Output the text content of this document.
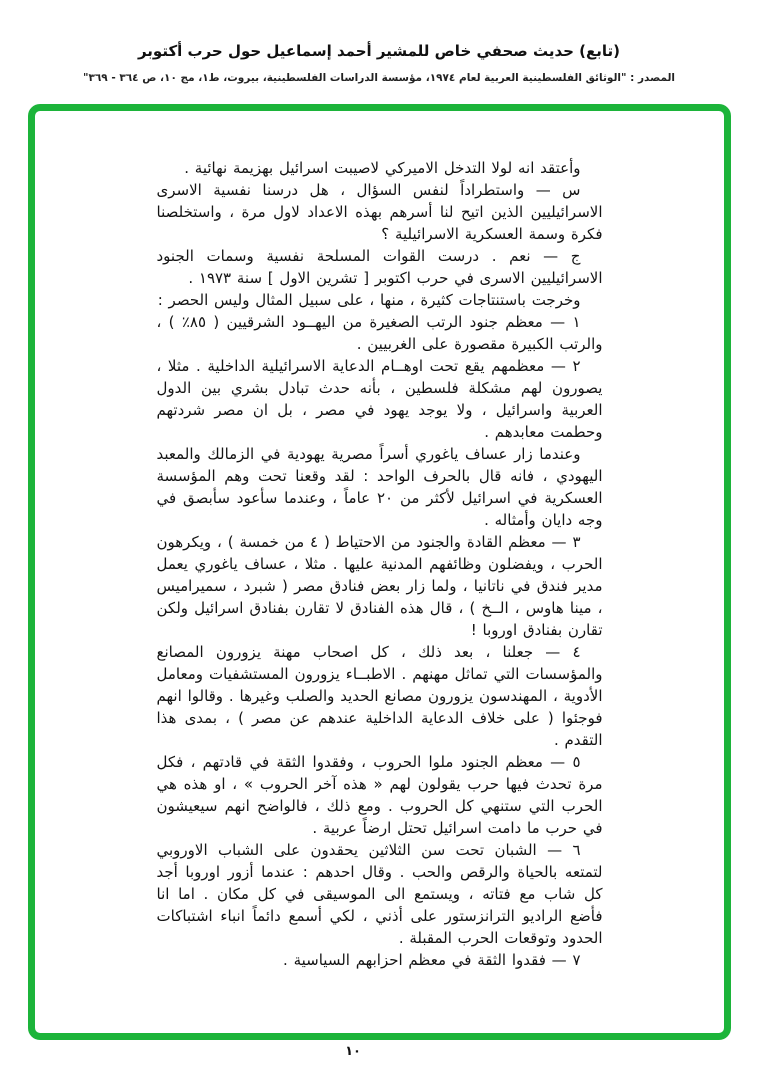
(تابع) حديث صحفي خاص للمشير أحمد إسماعيل حول حرب أكتوبر
المصدر : "الوثائق الفلسطينية العربية لعام ١٩٧٤، مؤسسة الدراسات الفلسطينية، بيروت، ط١، مج ١٠، ص ٣٦٤ - ٣٦٩"

وأعتقد انه لولا التدخل الاميركي لاصيبت اسرائيل بهزيمة نهائية .

س — واستطراداً لنفس السؤال ، هل درسنا نفسية الاسرى الاسرائيليين الذين اتيح لنا أسرهم بهذه الاعداد لاول مرة ، واستخلصنا فكرة وسمة العسكرية الاسرائيلية ؟

ج — نعم . درست القوات المسلحة نفسية وسمات الجنود الاسرائيليين الاسرى في حرب اكتوبر [ تشرين الاول ] سنة ١٩٧٣ .

وخرجت باستنتاجات كثيرة ، منها ، على سبيل المثال وليس الحصر :

١ — معظم جنود الرتب الصغيرة من اليهــود الشرقيين ( ٨٥٪ ) ، والرتب الكبيرة مقصورة على الغربيين .

٢ — معظمهم يقع تحت اوهــام الدعاية الاسرائيلية الداخلية . مثلا ، يصورون لهم مشكلة فلسطين ، بأنه حدث تبادل بشري بين الدول العربية واسرائيل ، ولا يوجد يهود في مصر ، بل ان مصر شردتهم وحطمت معابدهم .

وعندما زار عساف ياغوري أسراً مصرية يهودية في الزمالك والمعبد اليهودي ، فانه قال بالحرف الواحد : لقد وقعنا تحت وهم المؤسسة العسكرية في اسرائيل لأكثر من ٢٠ عاماً ، وعندما سأعود سأبصق في وجه دايان وأمثاله .

٣ — معظم القادة والجنود من الاحتياط ( ٤ من خمسة ) ، ويكرهون الحرب ، ويفضلون وظائفهم المدنية عليها . مثلا ، عساف ياغوري يعمل مدير فندق في ناتانيا ، ولما زار بعض فنادق مصر ( شبرد ، سميراميس ، مينا هاوس ، الــخ ) ، قال هذه الفنادق لا تقارن بفنادق اسرائيل ولكن تقارن بفنادق اوروبا !

٤ — جعلنا ، بعد ذلك ، كل اصحاب مهنة يزورون المصانع والمؤسسات التي تماثل مهنهم . الاطبــاء يزورون المستشفيات ومعامل الأدوية ، المهندسون يزورون مصانع الحديد والصلب وغيرها . وقالوا انهم فوجئوا ( على خلاف الدعاية الداخلية عندهم عن مصر ) ، بمدى هذا التقدم .

٥ — معظم الجنود ملوا الحروب ، وفقدوا الثقة في قادتهم ، فكل مرة تحدث فيها حرب يقولون لهم « هذه آخر الحروب » ، او هذه هي الحرب التي ستنهي كل الحروب . ومع ذلك ، فالواضح انهم سيعيشون في حرب ما دامت اسرائيل تحتل ارضاً عربية .

٦ — الشبان تحت سن الثلاثين يحقدون على الشباب الاوروبي لتمتعه بالحياة والرقص والحب . وقال احدهم : عندما أزور اوروبا أجد كل شاب مع فتاته ، ويستمع الى الموسيقى في كل مكان . اما انا فأضع الراديو الترانزستور على أذني ، لكي أسمع دائماً انباء اشتباكات الحدود وتوقعات الحرب المقبلة .

٧ — فقدوا الثقة في معظم احزابهم السياسية .

١٠
